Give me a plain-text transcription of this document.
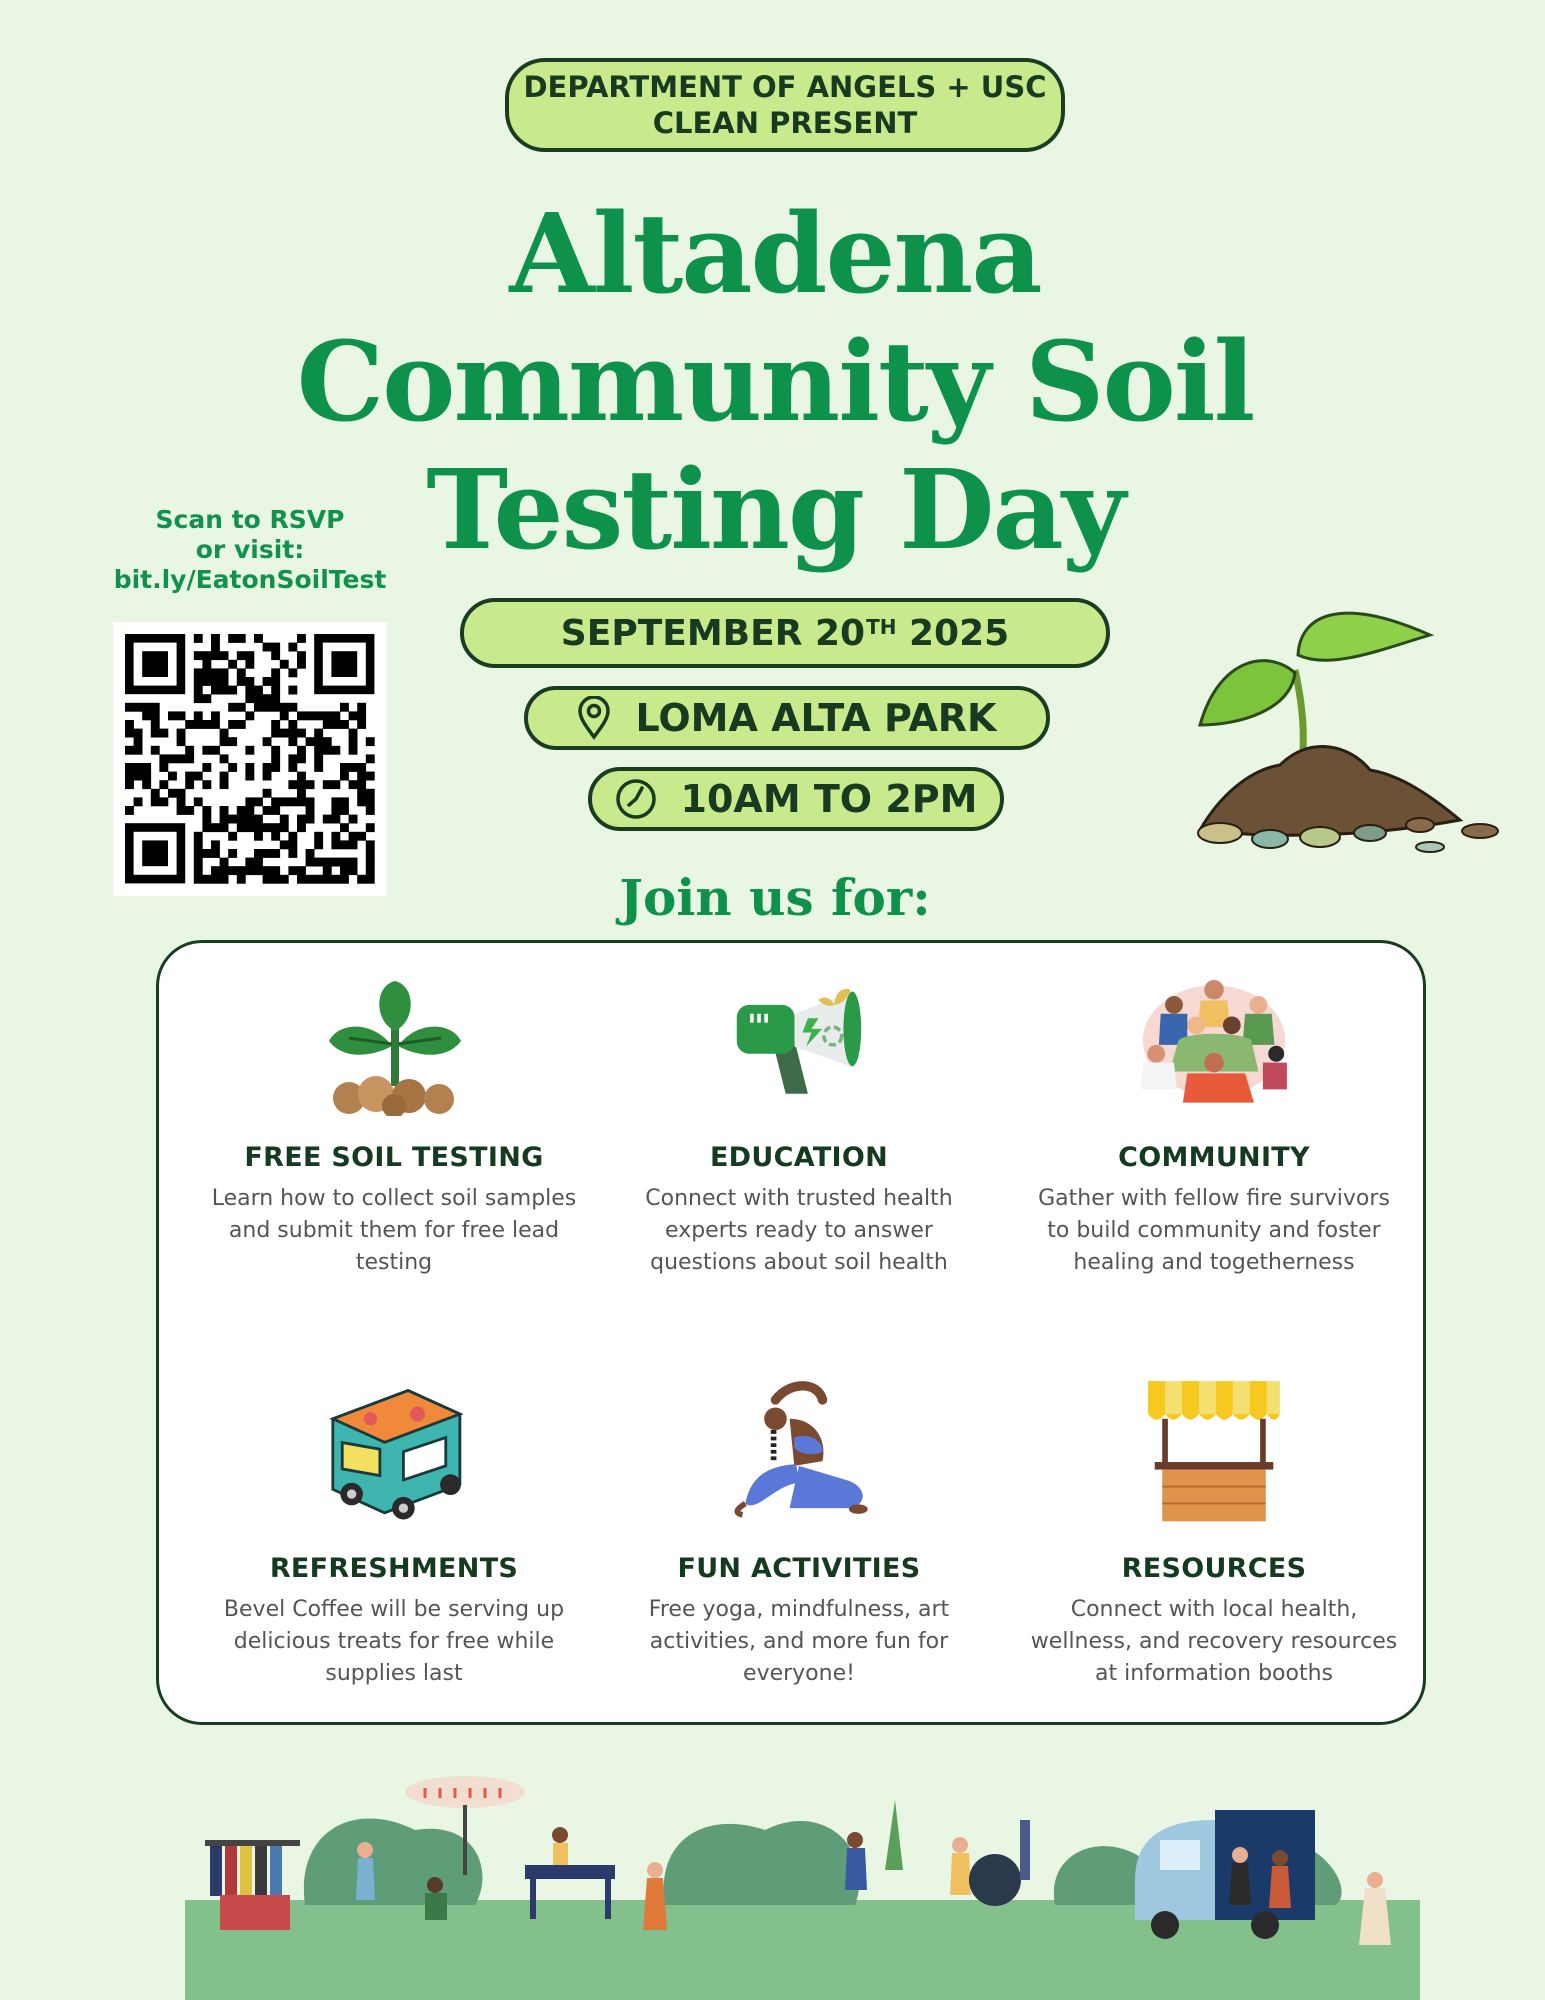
DEPARTMENT OF ANGELS + USC
CLEAN PRESENT
Altadena
Community Soil
Testing Day
Scan to RSVP
or visit:
bit.ly/EatonSoilTest
SEPTEMBER 20TH
2025
LOMA ALTA PARK
10AM TO 2PM
Join us for:
FREE SOIL TESTING

Learn how to collect soil samples and submit them for free lead testing

EDUCATION

Connect with trusted health experts ready to answer questions about soil health

COMMUNITY

Gather with fellow fire survivors to build community and foster healing and togetherness

REFRESHMENTS

Bevel Coffee will be serving up delicious treats for free while supplies last

FUN ACTIVITIES

Free yoga, mindfulness, art activities, and more fun for everyone!

RESOURCES

Connect with local health, wellness, and recovery resources at information booths
